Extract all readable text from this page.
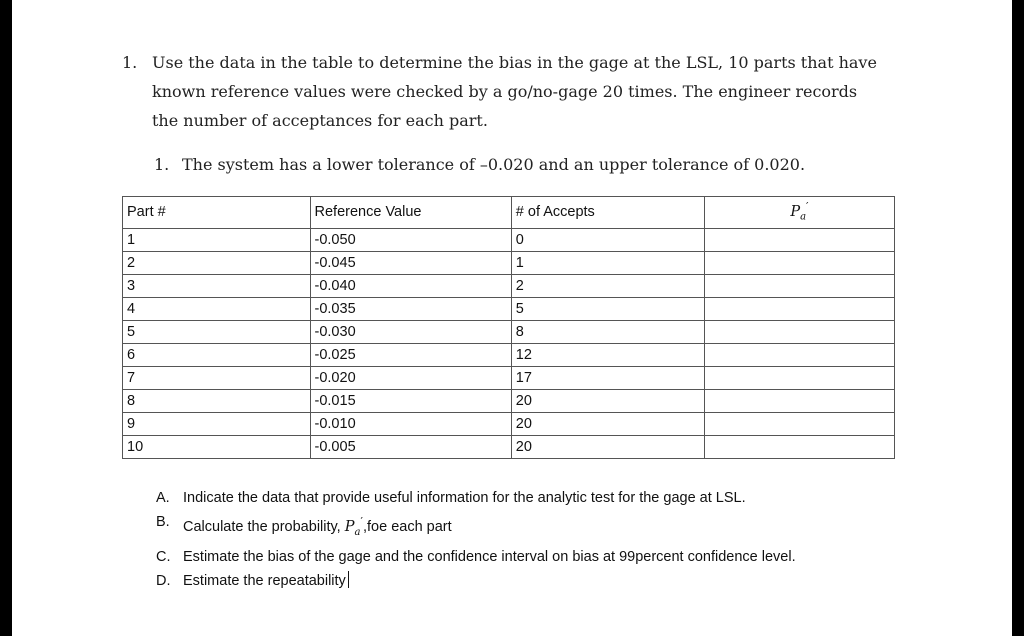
1. Use the data in the table to determine the bias in the gage at the LSL, 10 parts that have known reference values were checked by a go/no-gage 20 times. The engineer records the number of acceptances for each part.
1. The system has a lower tolerance of –0.020 and an upper tolerance of 0.020.
Part #	Reference Value	# of Accepts	$P_a'$
1	-0.050	0	
2	-0.045	1	
3	-0.040	2	
4	-0.035	5	
5	-0.030	8	
6	-0.025	12	
7	-0.020	17	
8	-0.015	20	
9	-0.010	20	
10	-0.005	20	
A. Indicate the data that provide useful information for the analytic test for the gage at LSL.
B. Calculate the probability, $P_a',foe$ each part
C. Estimate the bias of the gage and the confidence interval on bias at 99percent confidence level.
D. Estimate the repeatability
